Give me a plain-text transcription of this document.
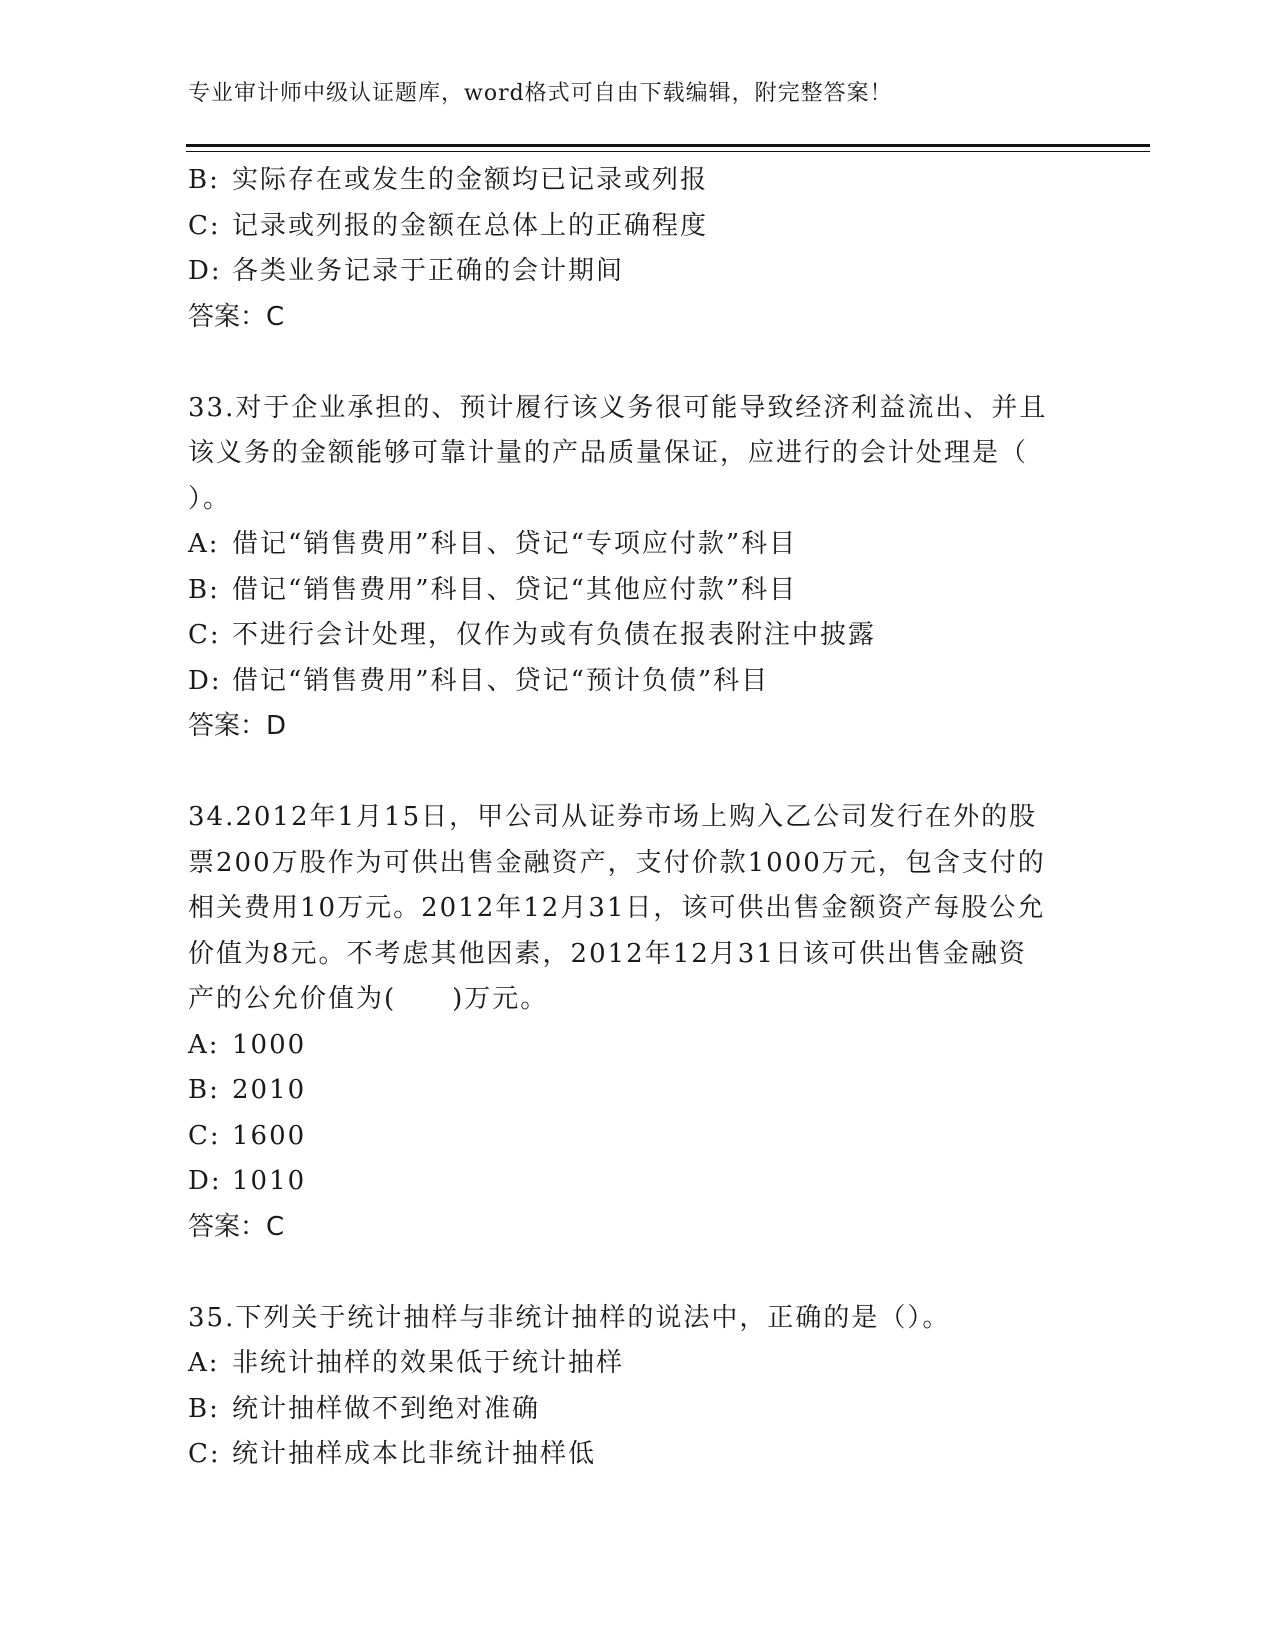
专业审计师中级认证题库，word格式可自由下载编辑，附完整答案！
B: 实际存在或发生的金额均已记录或列报
C: 记录或列报的金额在总体上的正确程度
D: 各类业务记录于正确的会计期间
答案：C
33.对于企业承担的、预计履行该义务很可能导致经济利益流出、并且
该义务的金额能够可靠计量的产品质量保证，应进行的会计处理是（
）。
A: 借记“销售费用”科目、贷记“专项应付款”科目
B: 借记“销售费用”科目、贷记“其他应付款”科目
C: 不进行会计处理，仅作为或有负债在报表附注中披露
D: 借记“销售费用”科目、贷记“预计负债”科目
答案：D
34.2012年1月15日，甲公司从证券市场上购入乙公司发行在外的股
票200万股作为可供出售金融资产，支付价款1000万元，包含支付的
相关费用10万元。2012年12月31日，该可供出售金额资产每股公允
价值为8元。不考虑其他因素，2012年12月31日该可供出售金融资
产的公允价值为(　　)万元。
A: 1000
B: 2010
C: 1600
D: 1010
答案：C
35.下列关于统计抽样与非统计抽样的说法中，正确的是（）。
A: 非统计抽样的效果低于统计抽样
B: 统计抽样做不到绝对准确
C: 统计抽样成本比非统计抽样低
